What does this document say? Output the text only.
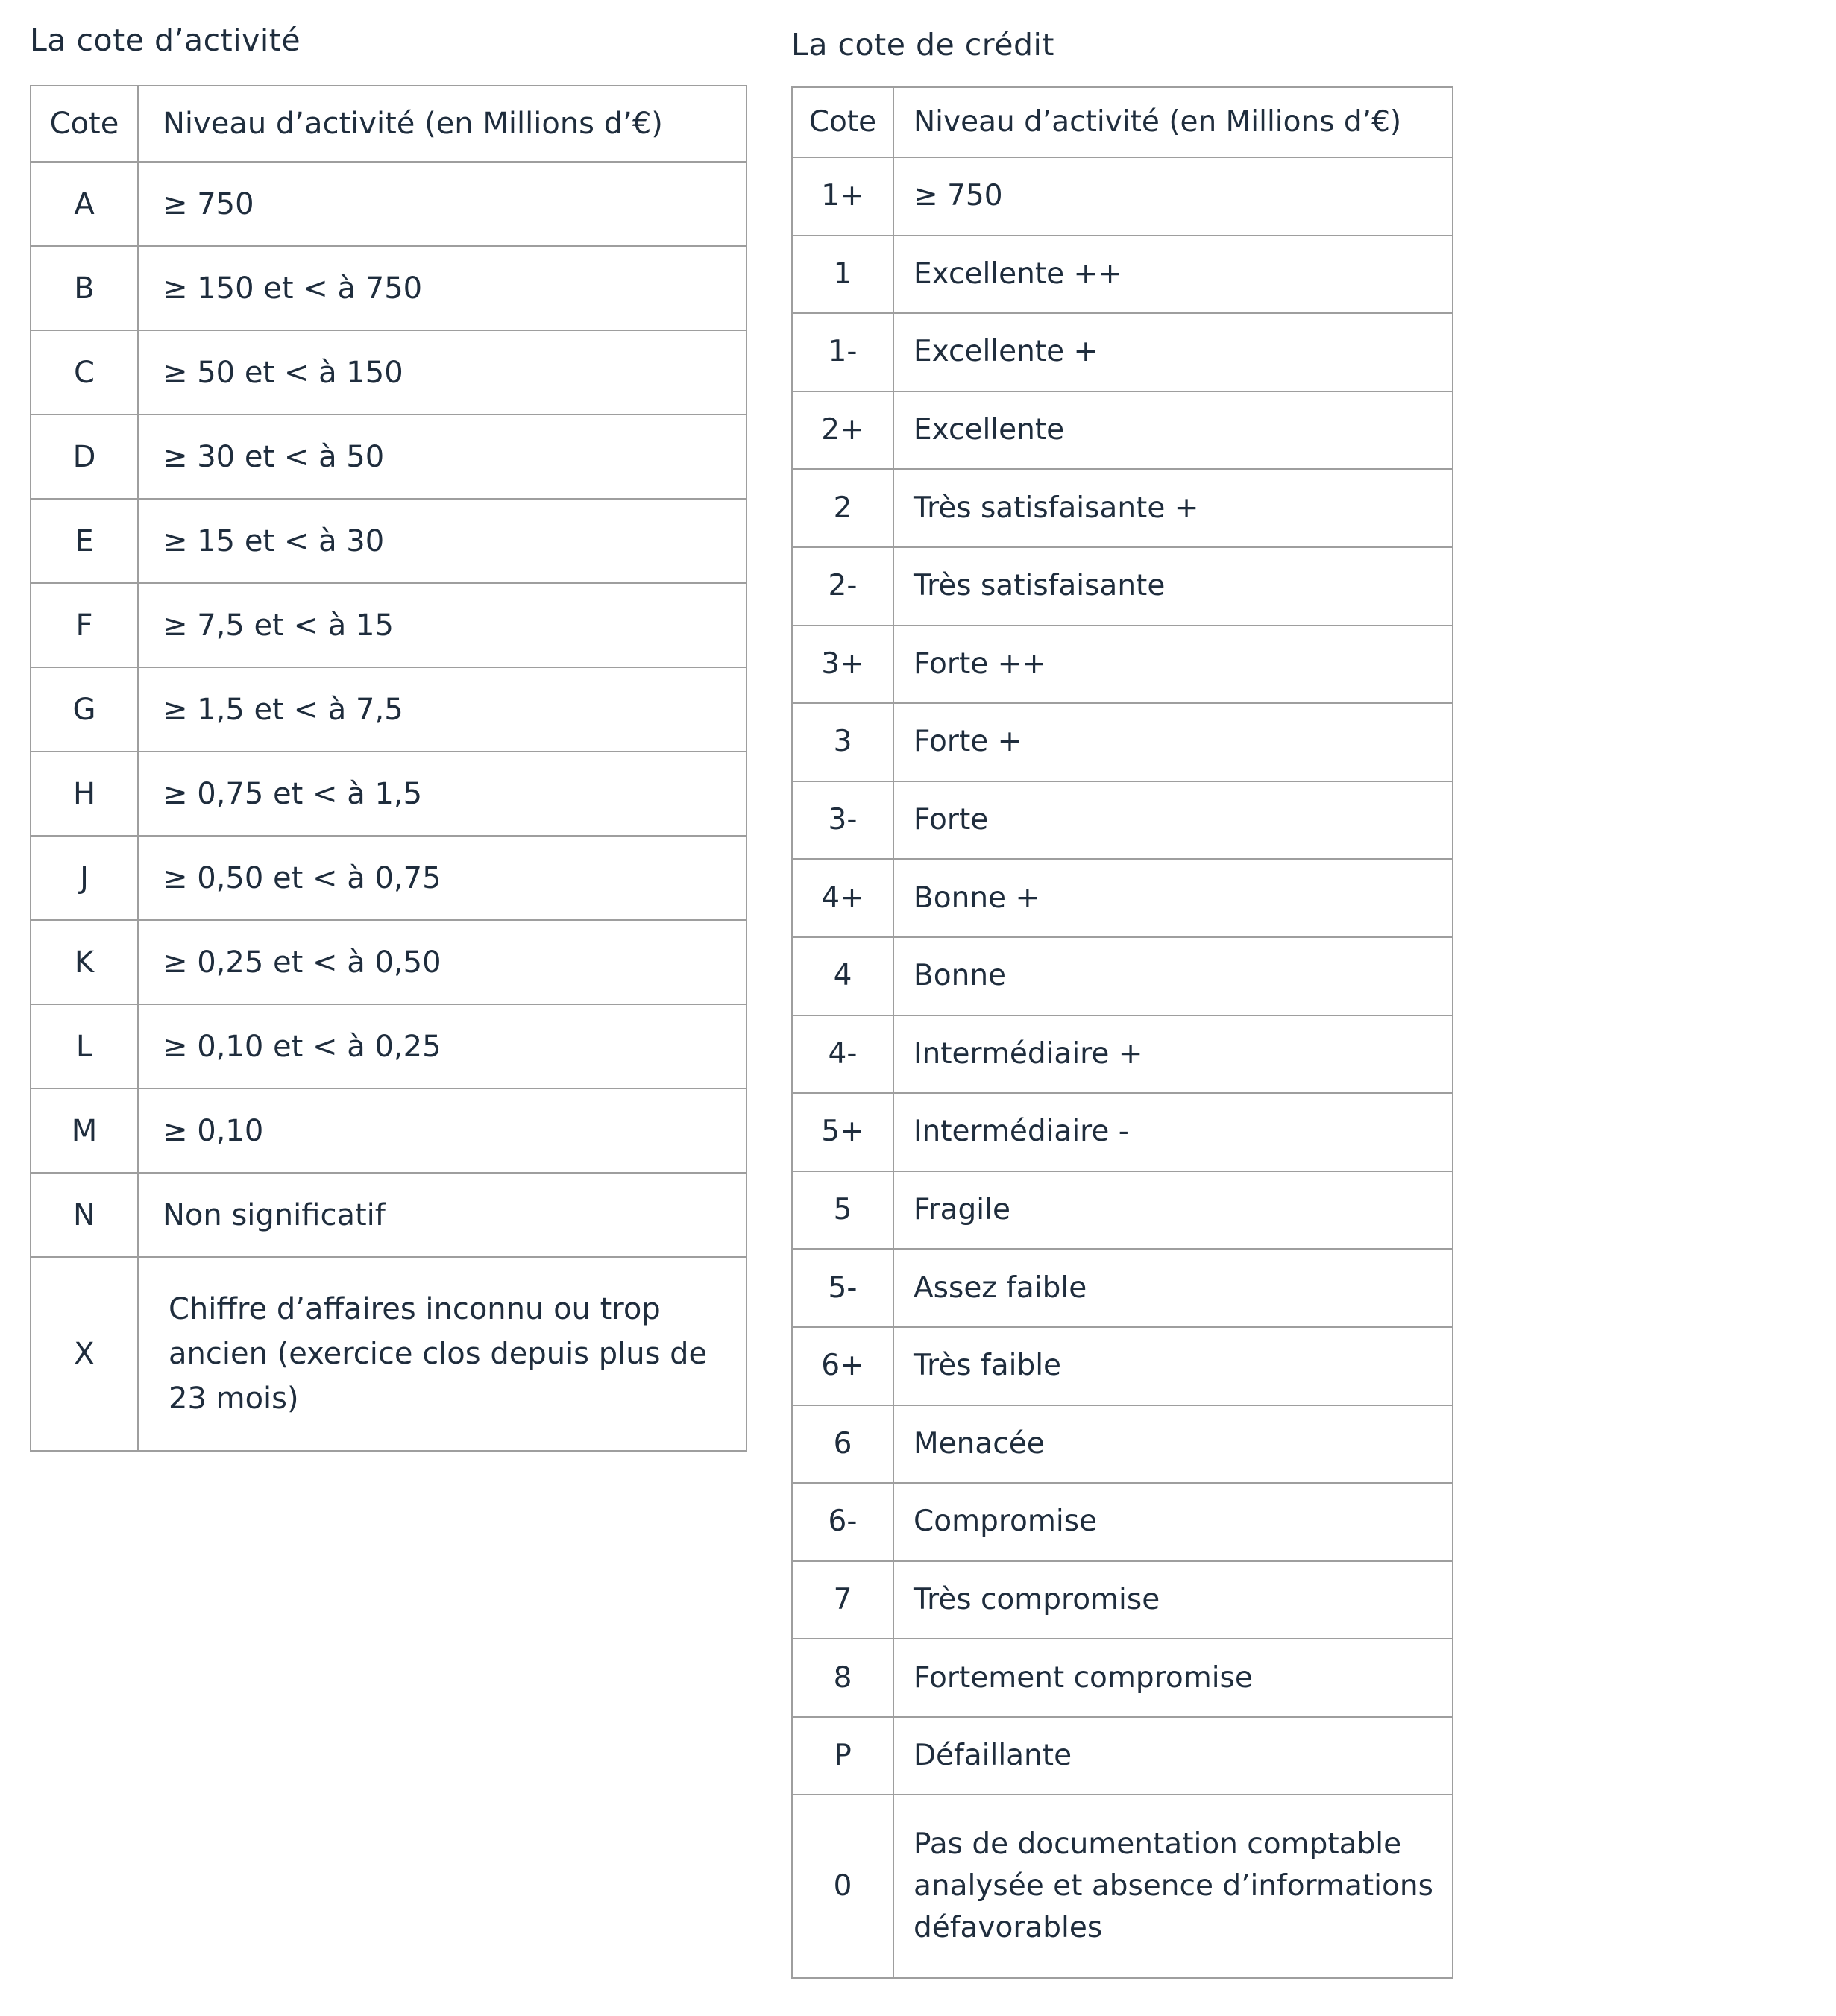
La cote d’activité
Cote	Niveau d’activité (en Millions d’€)
A	≥ 750
B	≥ 150 et < à 750
C	≥ 50 et < à 150
D	≥ 30 et < à 50
E	≥ 15 et < à 30
F	≥ 7,5 et < à 15
G	≥ 1,5 et < à 7,5
H	≥ 0,75 et < à 1,5
J	≥ 0,50 et < à 0,75
K	≥ 0,25 et < à 0,50
L	≥ 0,10 et < à 0,25
M	≥ 0,10
N	Non significatif
X	Chiffre d’affaires inconnu ou trop ancien (exercice clos depuis plus de 23 mois)
La cote de crédit
Cote	Niveau d’activité (en Millions d’€)
1+	≥ 750
1	Excellente ++
1-	Excellente +
2+	Excellente
2	Très satisfaisante +
2-	Très satisfaisante
3+	Forte ++
3	Forte +
3-	Forte
4+	Bonne +
4	Bonne
4-	Intermédiaire +
5+	Intermédiaire -
5	Fragile
5-	Assez faible
6+	Très faible
6	Menacée
6-	Compromise
7	Très compromise
8	Fortement compromise
P	Défaillante
0	Pas de documentation comptable analysée et absence d’informations défavorables
